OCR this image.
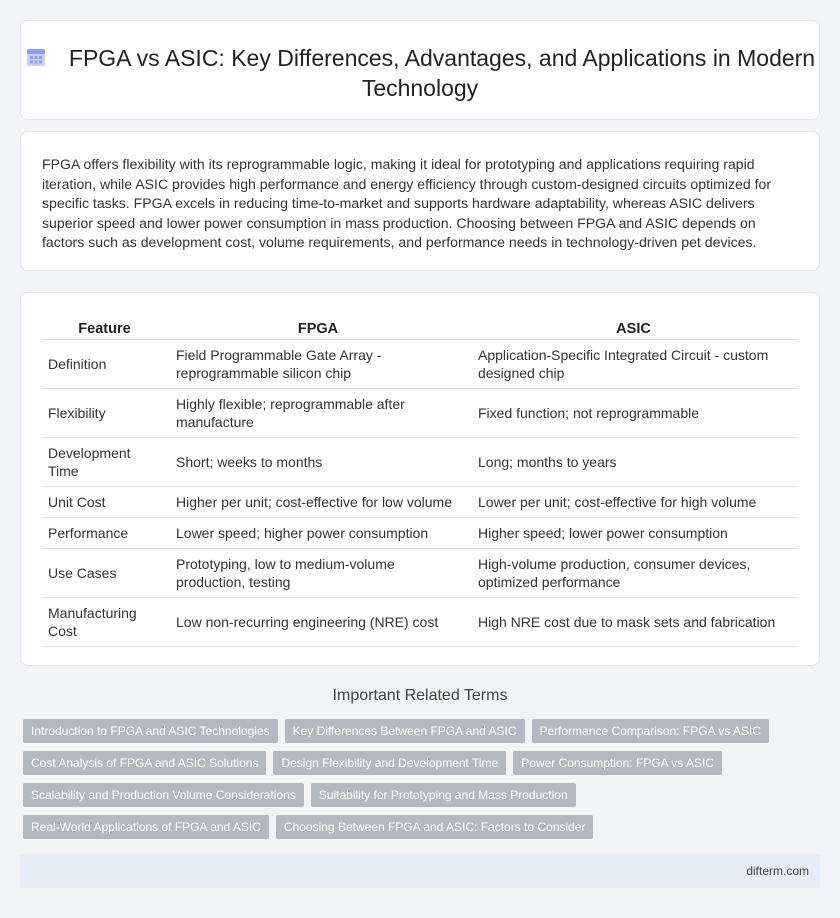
FPGA vs ASIC: Key Differences, Advantages, and Applications in Modern Technology

FPGA offers flexibility with its reprogrammable logic, making it ideal for prototyping and applications requiring rapid iteration, while ASIC provides high performance and energy efficiency through custom-designed circuits optimized for specific tasks. FPGA excels in reducing time-to-market and supports hardware adaptability, whereas ASIC delivers superior speed and lower power consumption in mass production. Choosing between FPGA and ASIC depends on factors such as development cost, volume requirements, and performance needs in technology-driven pet devices.

Feature	FPGA	ASIC
Definition	Field Programmable Gate Array - reprogrammable silicon chip	Application-Specific Integrated Circuit - custom designed chip
Flexibility	Highly flexible; reprogrammable after manufacture	Fixed function; not reprogrammable
Development Time	Short; weeks to months	Long; months to years
Unit Cost	Higher per unit; cost-effective for low volume	Lower per unit; cost-effective for high volume
Performance	Lower speed; higher power consumption	Higher speed; lower power consumption
Use Cases	Prototyping, low to medium-volume production, testing	High-volume production, consumer devices, optimized performance
Manufacturing Cost	Low non-recurring engineering (NRE) cost	High NRE cost due to mask sets and fabrication
Important Related Terms
Introduction to FPGA and ASIC Technologies	Key Differences Between FPGA and ASIC	Performance Comparison: FPGA vs ASIC
Cost Analysis of FPGA and ASIC Solutions	Design Flexibility and Development Time	Power Consumption: FPGA vs ASIC
Scalability and Production Volume Considerations	Suitability for Prototyping and Mass Production
Real-World Applications of FPGA and ASIC	Choosing Between FPGA and ASIC: Factors to Consider
difterm.com
